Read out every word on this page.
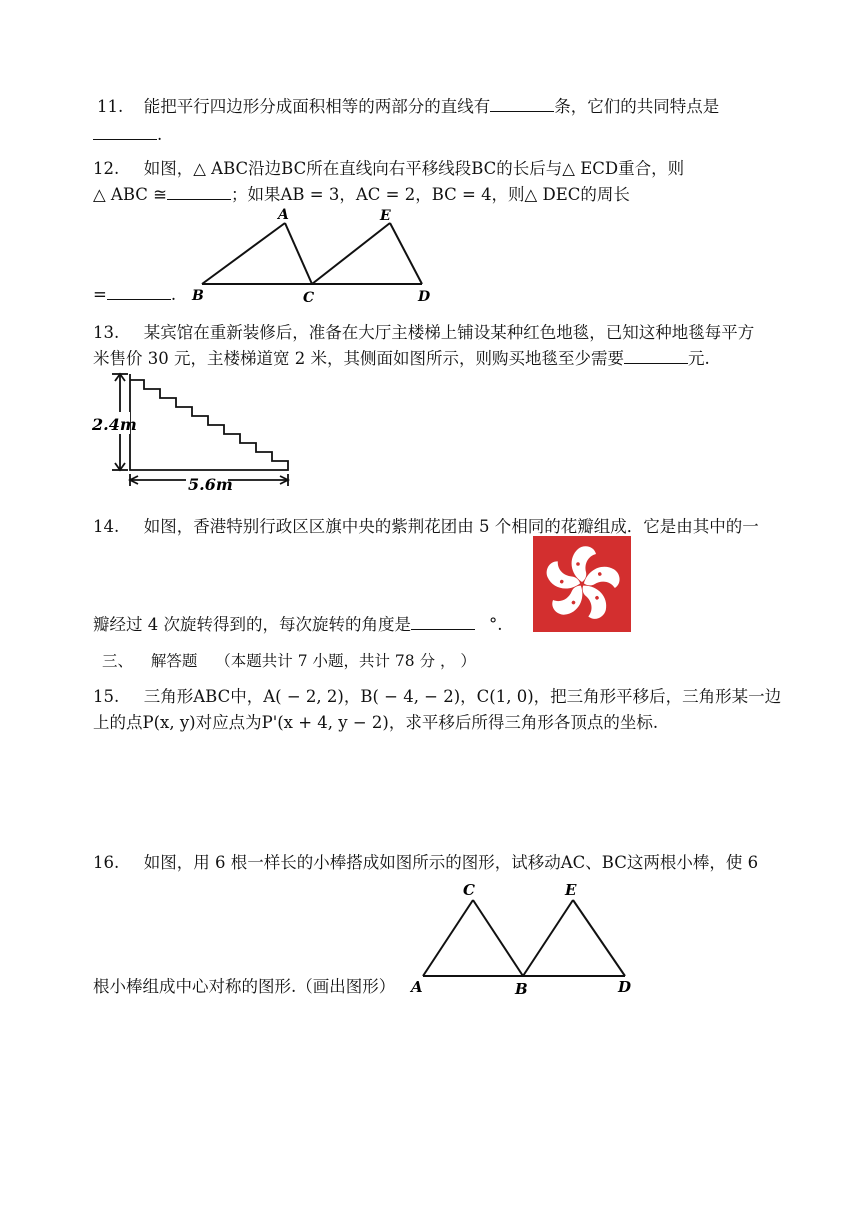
11. 能把平行四边形分成面积相等的两部分的直线有	条，它们的共同特点是
.
12. 如图，△ ABC沿边BC所在直线向右平移线段BC的长后与△ ECD重合，则
△ ABC ≅	；如果AB = 3，AC = 2，BC = 4，则△ DEC的周长
=	.
A	E
B	C	D
13. 某宾馆在重新装修后，准备在大厅主楼梯上铺设某种红色地毯，已知这种地毯每平方
米售价 30 元，主楼梯道宽 2 米，其侧面如图所示，则购买地毯至少需要	元.
2.4m
5.6m
14. 如图，香港特别行政区区旗中央的紫荆花团由 5 个相同的花瓣组成．它是由其中的一
瓣经过 4 次旋转得到的，每次旋转的角度是	°.
三、 解答题 （本题共计 7 小题，共计 78 分 ， ）
15. 三角形ABC中，A( − 2, 2)，B( − 4, − 2)，C(1, 0)，把三角形平移后，三角形某一边
上的点P(x, y)对应点为P'(x + 4, y − 2)，求平移后所得三角形各顶点的坐标.
16. 如图，用 6 根一样长的小棒搭成如图所示的图形，试移动AC、BC这两根小棒，使 6
根小棒组成中心对称的图形.（画出图形）
C	E
A	B	D
